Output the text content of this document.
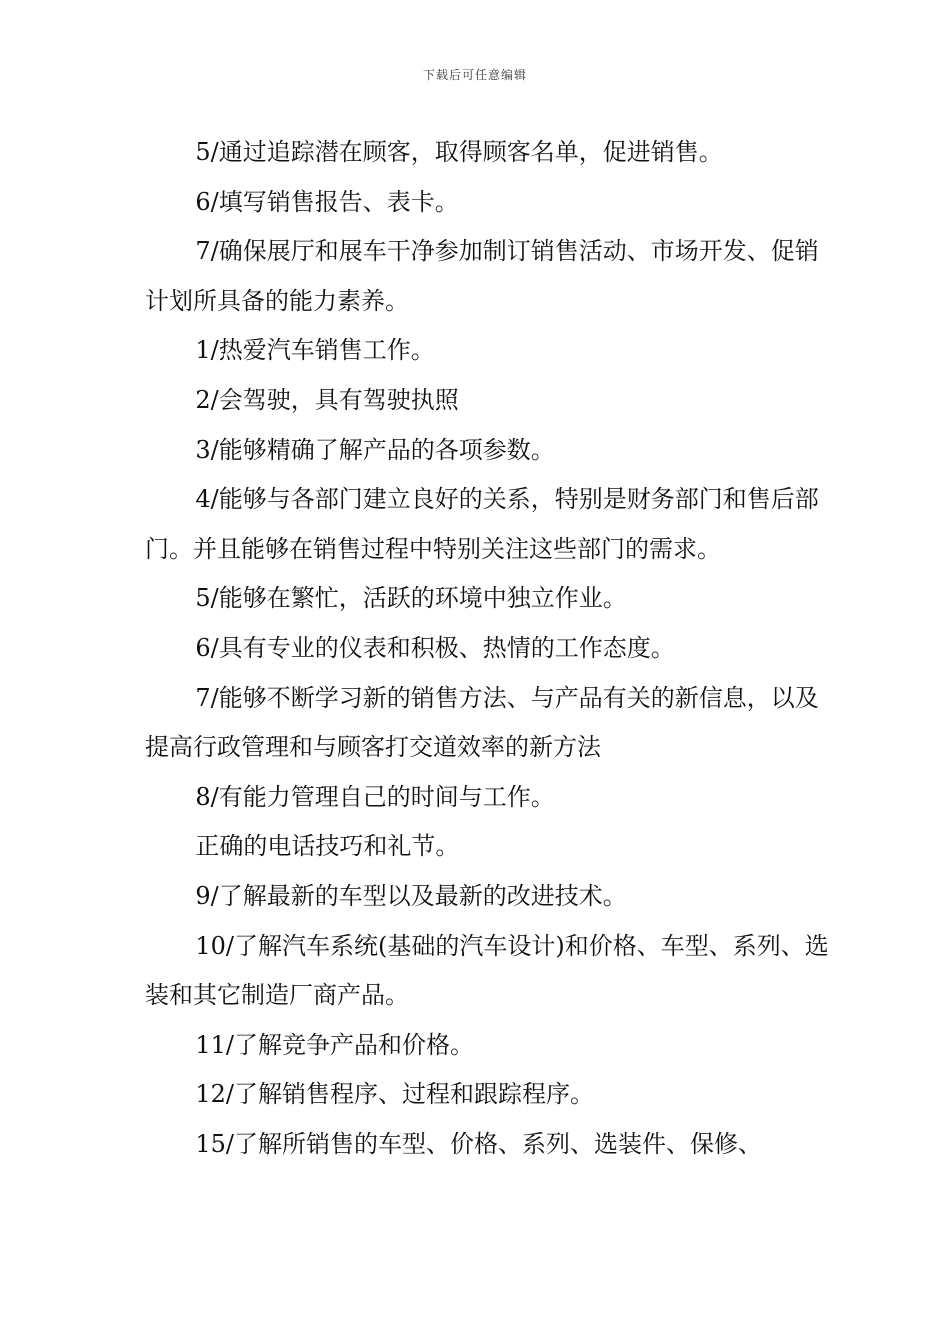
下载后可任意编辑

5/通过追踪潜在顾客，取得顾客名单，促进销售。

6/填写销售报告、表卡。

7/确保展厅和展车干净参加制订销售活动、市场开发、促销计划所具备的能力素养。

1/热爱汽车销售工作。

2/会驾驶，具有驾驶执照

3/能够精确了解产品的各项参数。

4/能够与各部门建立良好的关系，特别是财务部门和售后部门。并且能够在销售过程中特别关注这些部门的需求。

5/能够在繁忙，活跃的环境中独立作业。

6/具有专业的仪表和积极、热情的工作态度。

7/能够不断学习新的销售方法、与产品有关的新信息，以及提高行政管理和与顾客打交道效率的新方法

8/有能力管理自己的时间与工作。

正确的电话技巧和礼节。

9/了解最新的车型以及最新的改进技术。

10/了解汽车系统(基础的汽车设计)和价格、车型、系列、选装和其它制造厂商产品。

11/了解竞争产品和价格。

12/了解销售程序、过程和跟踪程序。

15/了解所销售的车型、价格、系列、选装件、保修、
